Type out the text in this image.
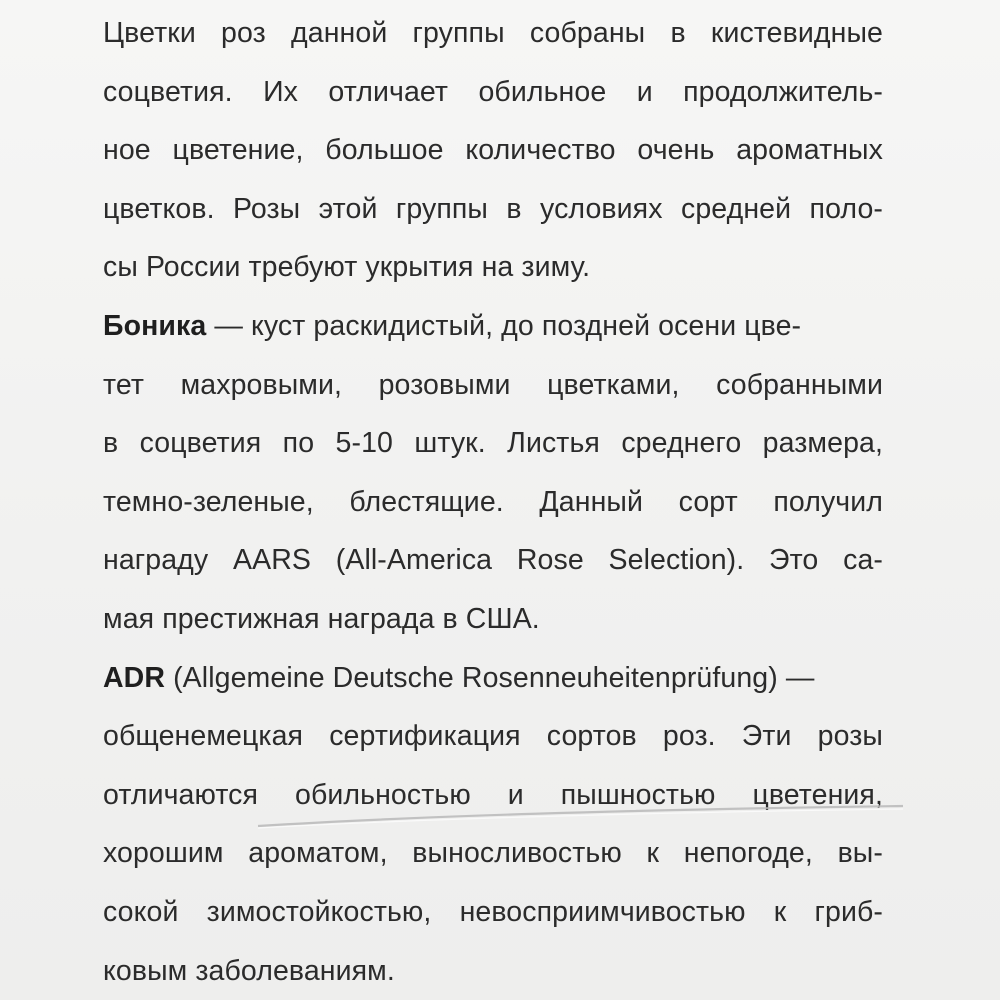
Цветки роз данной группы собраны в кистевидные
соцветия. Их отличает обильное и продолжитель-
ное цветение, большое количество очень ароматных
цветков. Розы этой группы в условиях средней поло-
сы России требуют укрытия на зиму.
Боника — куст раскидистый, до поздней осени цве-
тет махровыми, розовыми цветками, собранными
в соцветия по 5-10 штук. Листья среднего размера,
темно-зеленые, блестящие. Данный сорт получил
награду AARS (All-America Rose Selection). Это са-
мая престижная награда в США.
ADR (Allgemeine Deutsche Rosenneuheitenprüfung) —
общенемецкая сертификация сортов роз. Эти розы
отличаются обильностью и пышностью цветения,
хорошим ароматом, выносливостью к непогоде, вы-
сокой зимостойкостью, невосприимчивостью к гриб-
ковым заболеваниям.
